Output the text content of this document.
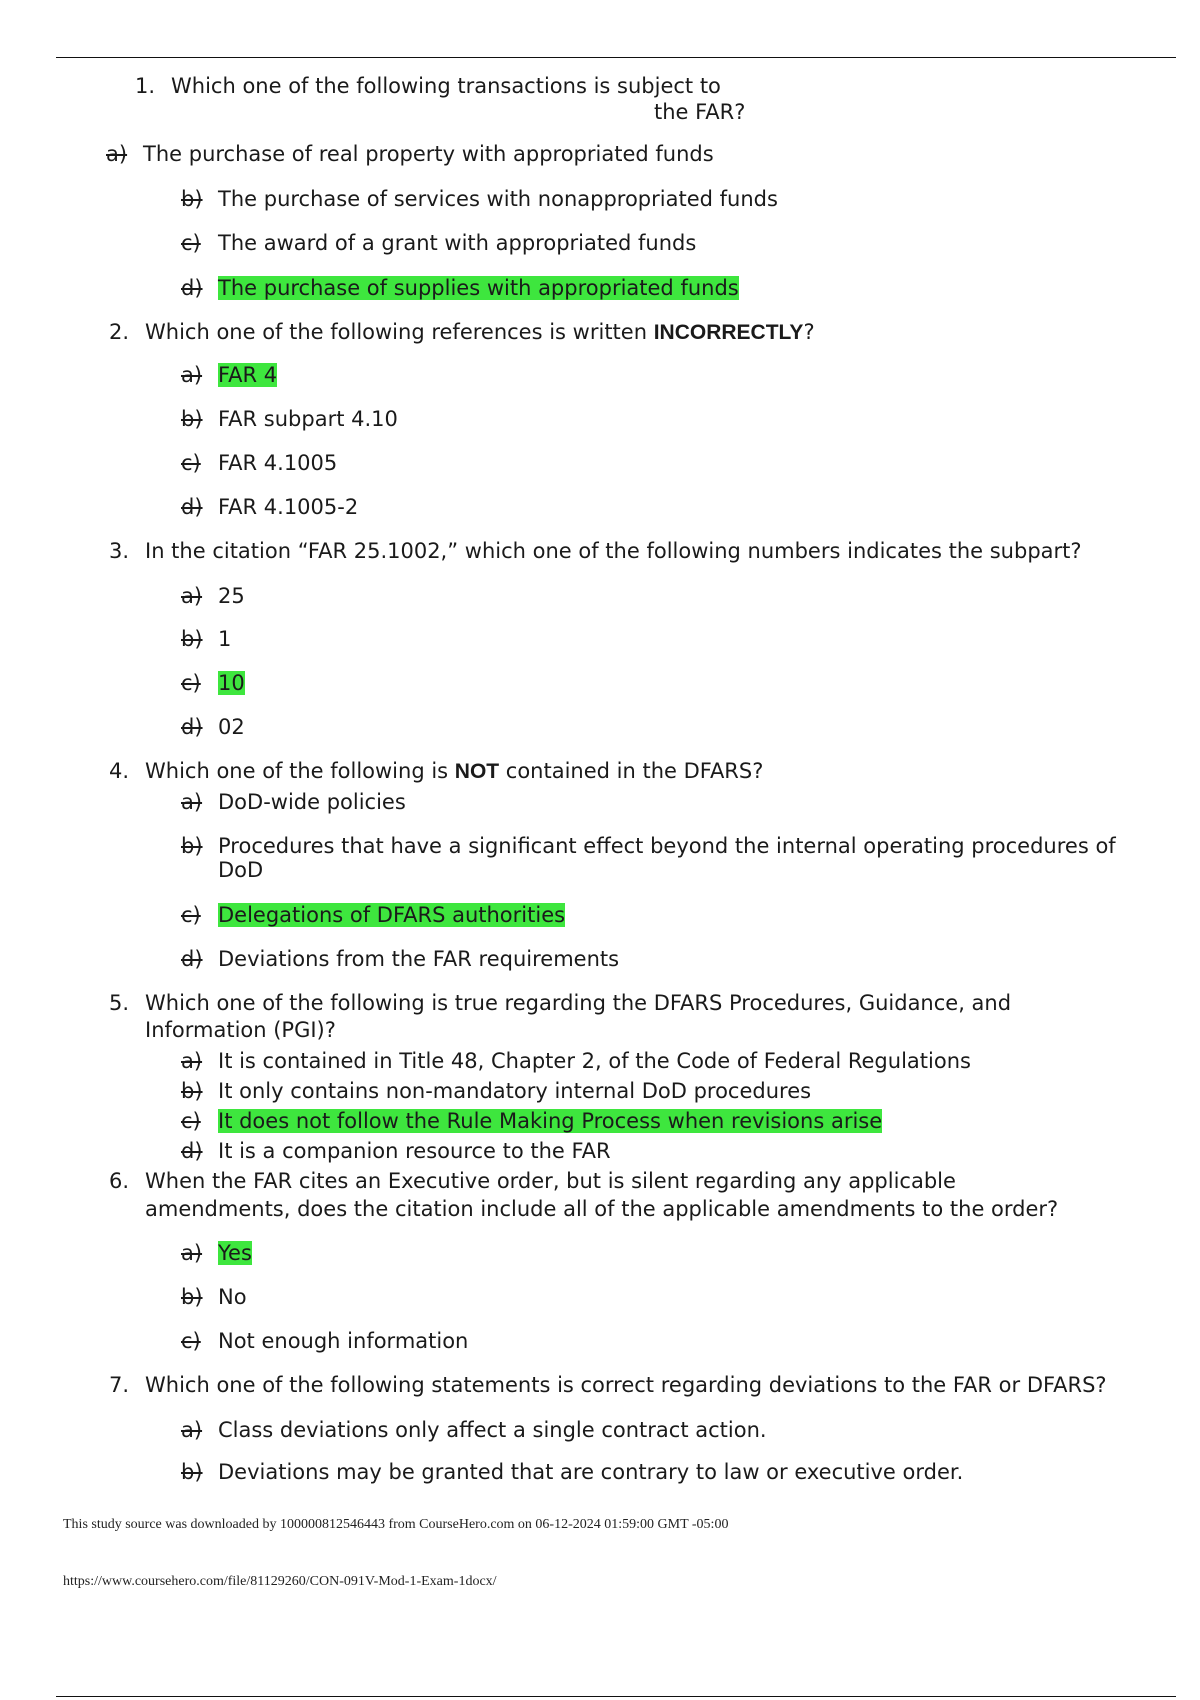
1. Which one of the following transactions is subject to
the FAR?
a) The purchase of real property with appropriated funds
b) The purchase of services with nonappropriated funds
c) The award of a grant with appropriated funds
d) The purchase of supplies with appropriated funds
2. Which one of the following references is written INCORRECTLY?
a) FAR 4
b) FAR subpart 4.10
c) FAR 4.1005
d) FAR 4.1005-2
3. In the citation “FAR 25.1002,” which one of the following numbers indicates the subpart?
a) 25
b) 1
c) 10
d) 02
4. Which one of the following is NOT contained in the DFARS?
a) DoD-wide policies
b) Procedures that have a significant effect beyond the internal operating procedures of
DoD
c) Delegations of DFARS authorities
d) Deviations from the FAR requirements
5. Which one of the following is true regarding the DFARS Procedures, Guidance, and
Information (PGI)?
a) It is contained in Title 48, Chapter 2, of the Code of Federal Regulations
b) It only contains non-mandatory internal DoD procedures
c) It does not follow the Rule Making Process when revisions arise
d) It is a companion resource to the FAR
6. When the FAR cites an Executive order, but is silent regarding any applicable
amendments, does the citation include all of the applicable amendments to the order?
a) Yes
b) No
c) Not enough information
7. Which one of the following statements is correct regarding deviations to the FAR or DFARS?
a) Class deviations only affect a single contract action.
b) Deviations may be granted that are contrary to law or executive order.
This study source was downloaded by 100000812546443 from CourseHero.com on 06-12-2024 01:59:00 GMT -05:00
https://www.coursehero.com/file/81129260/CON-091V-Mod-1-Exam-1docx/
